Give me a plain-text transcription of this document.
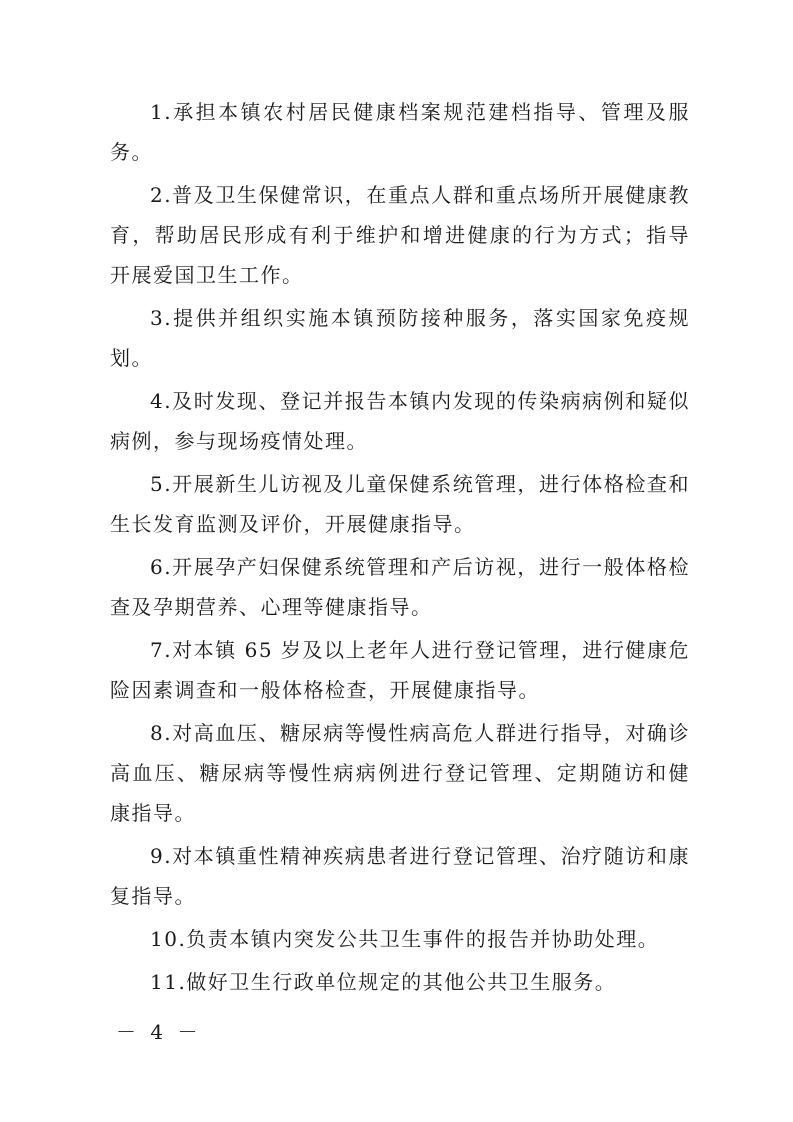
1.承担本镇农村居民健康档案规范建档指导、管理及服务。

2.普及卫生保健常识，在重点人群和重点场所开展健康教育，帮助居民形成有利于维护和增进健康的行为方式；指导开展爱国卫生工作。

3.提供并组织实施本镇预防接种服务，落实国家免疫规划。

4.及时发现、登记并报告本镇内发现的传染病病例和疑似病例，参与现场疫情处理。

5.开展新生儿访视及儿童保健系统管理，进行体格检查和生长发育监测及评价，开展健康指导。

6.开展孕产妇保健系统管理和产后访视，进行一般体格检查及孕期营养、心理等健康指导。

7.对本镇 65 岁及以上老年人进行登记管理，进行健康危险因素调查和一般体格检查，开展健康指导。

8.对高血压、糖尿病等慢性病高危人群进行指导，对确诊高血压、糖尿病等慢性病病例进行登记管理、定期随访和健康指导。

9.对本镇重性精神疾病患者进行登记管理、治疗随访和康复指导。

10.负责本镇内突发公共卫生事件的报告并协助处理。

11.做好卫生行政单位规定的其他公共卫生服务。

－ 4 －
